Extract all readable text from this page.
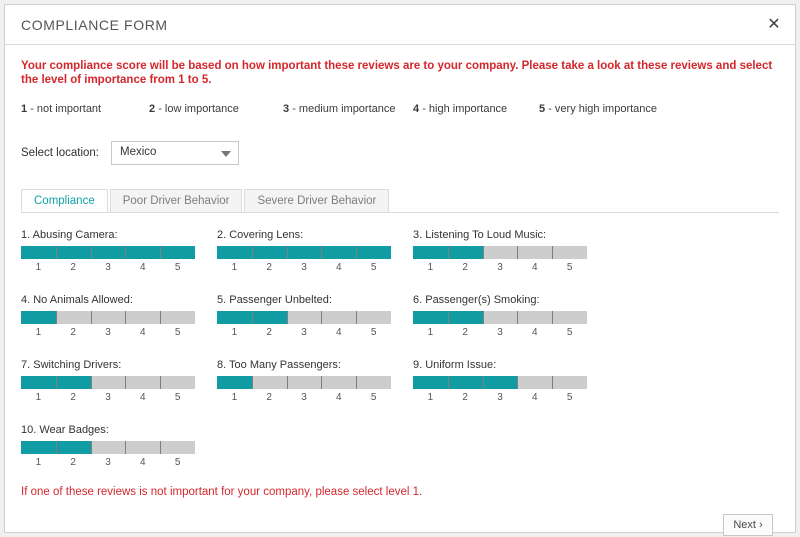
COMPLIANCE FORM	✕
Your compliance score will be based on how important these reviews are to your company. Please take a look at these reviews and select the level of importance from 1 to 5.
1 - not important	2 - low importance	3 - medium importance 4 - high importance	5 - very high importance
Select location: Mexico
Compliance	Poor Driver Behavior	Severe Driver Behavior
1. Abusing Camera:
1	2	3	4	5
2. Covering Lens:
1	2	3	4	5
3. Listening To Loud Music:
1	2	3	4	5
4. No Animals Allowed:
1	2	3	4	5
5. Passenger Unbelted:
1	2	3	4	5
6. Passenger(s) Smoking:
1	2	3	4	5
7. Switching Drivers:
1	2	3	4	5
8. Too Many Passengers:
1	2	3	4	5
9. Uniform Issue:
1	2	3	4	5
10. Wear Badges:
1	2	3	4	5
If one of these reviews is not important for your company, please select level 1.
Next ›
